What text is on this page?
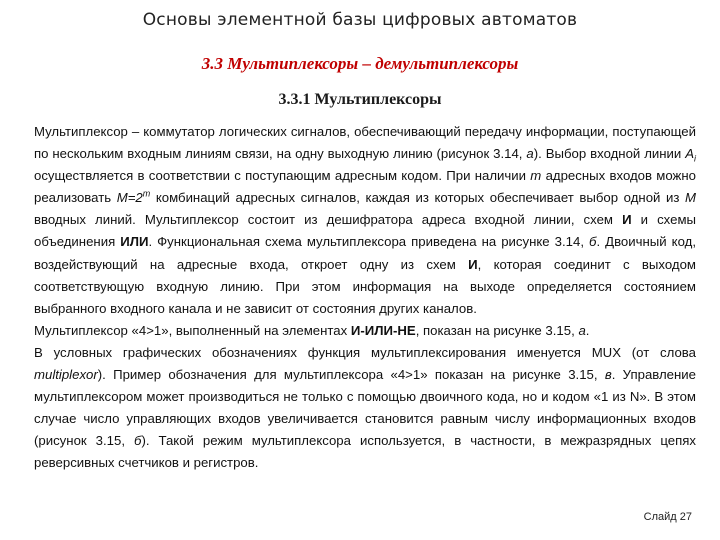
Основы элементной базы цифровых автоматов
3.3 Мультиплексоры – демультиплексоры
3.3.1 Мультиплексоры

Мультиплексор – коммутатор логических сигналов, обеспечивающий передачу информации, поступающей по нескольким входным линиям связи, на одну выходную линию (рисунок 3.14, а). Выбор входной линии $A_i$ осуществляется в соответствии с поступающим адресным кодом. При наличии m адресных входов можно реализовать $M=2^m$ комбинаций адресных сигналов, каждая из которых обеспечивает выбор одной из M вводных линий. Мультиплексор состоит из дешифратора адреса входной линии, схем И и схемы объединения ИЛИ. Функциональная схема мультиплексора приведена на рисунке 3.14, б. Двоичный код, воздействующий на адресные входа, откроет одну из схем И, которая соединит с выходом соответствующую входную линию. При этом информация на выходе определяется состоянием выбранного входного канала и не зависит от состояния других каналов.

Мультиплексор «4>1», выполненный на элементах И-ИЛИ-НЕ, показан на рисунке 3.15, а.

В условных графических обозначениях функция мультиплексирования именуется MUX (от слова multiplexor). Пример обозначения для мультиплексора «4>1» показан на рисунке 3.15, в. Управление мультиплексором может производиться не только с помощью двоичного кода, но и кодом «1 из N». В этом случае число управляющих входов увеличивается становится равным числу информационных входов (рисунок 3.15, б). Такой режим мультиплексора используется, в частности, в межразрядных цепях реверсивных счетчиков и регистров.

Слайд 27
